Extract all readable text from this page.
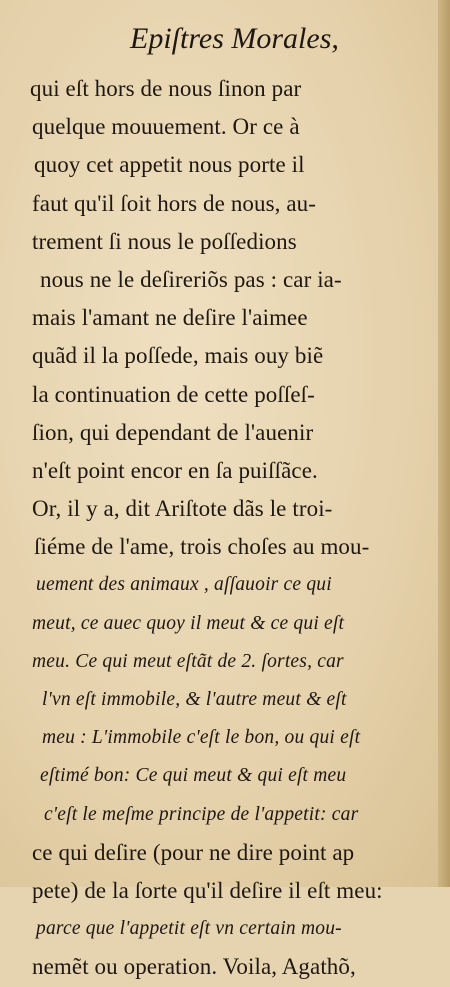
Epiſtres Morales,
qui eſt hors de nous ſinon par
quelque mouuement. Or ce à
quoy cet appetit nous porte il
faut qu'il ſoit hors de nous, au-
trement ſi nous le poſſedions
nous ne le deſireriõs pas : car ia-
mais l'amant ne deſire l'aimee
quãd il la poſſede, mais ouy biẽ
la continuation de cette poſſeſ-
ſion, qui dependant de l'auenir
n'eſt point encor en ſa puiſſãce.
Or, il y a, dit Ariſtote dãs le troi-
ſiéme de l'ame, trois choſes au mou-
uement des animaux , aſſauoir ce qui
meut, ce auec quoy il meut & ce qui eſt
meu. Ce qui meut eſtãt de 2. ſortes, car
l'vn eſt immobile, & l'autre meut & eſt
meu : L'immobile c'eſt le bon, ou qui eſt
eſtimé bon: Ce qui meut & qui eſt meu
c'eſt le meſme principe de l'appetit: car
ce qui deſire (pour ne dire point ap
pete) de la ſorte qu'il deſire il eſt meu:
parce que l'appetit eſt vn certain mou-
nemẽt ou operation. Voila, Agathõ,
